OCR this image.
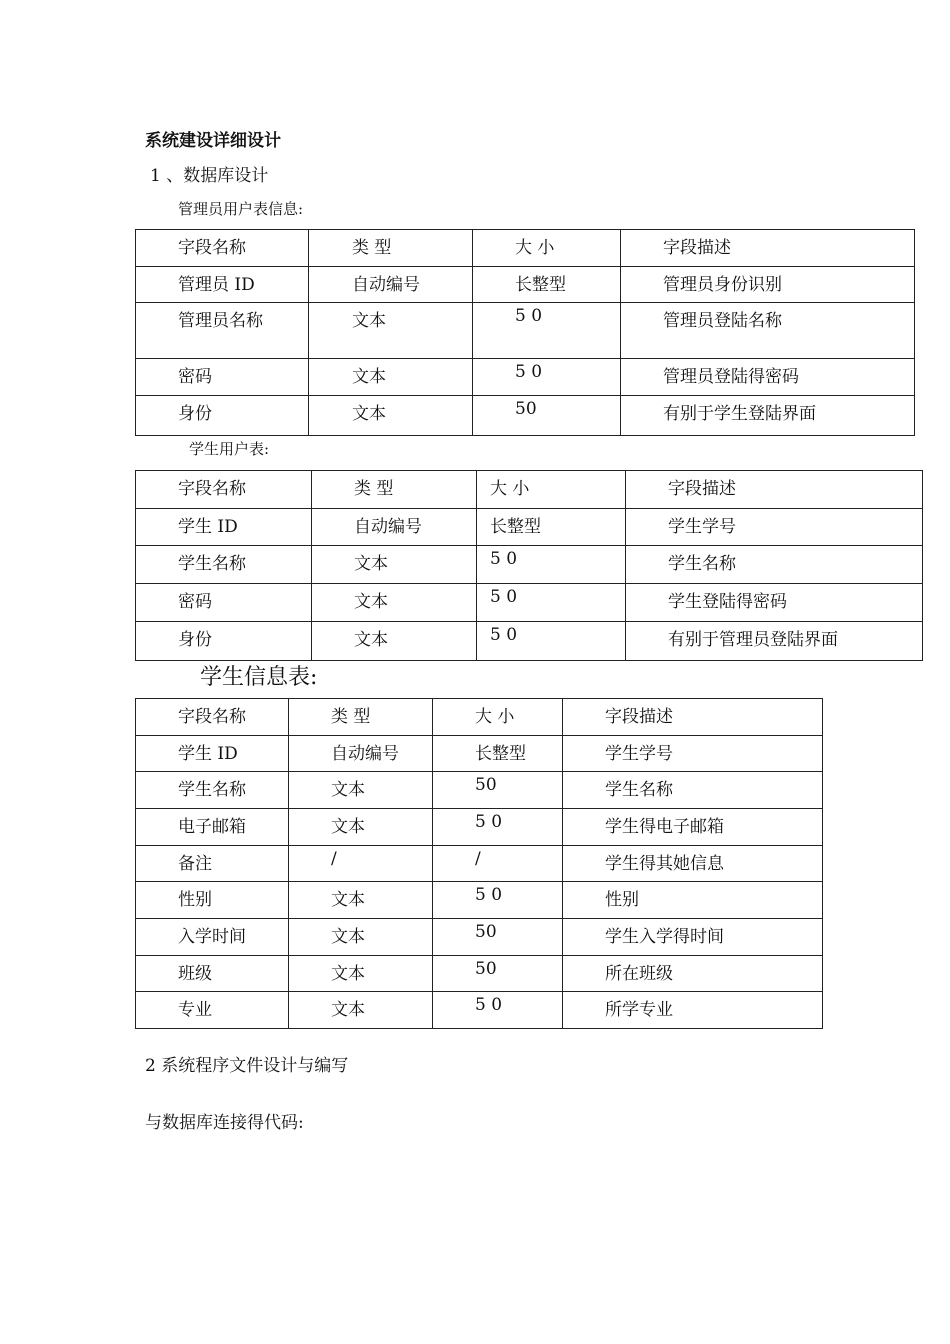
系统建设详细设计
1 、数据库设计
管理员用户表信息:
字段名称	类 型	大 小	字段描述
管理员 ID	自动编号	长整型	管理员身份识别
管理员名称	文本	5 0	管理员登陆名称
密码	文本	5 0	管理员登陆得密码
身份	文本	50	有别于学生登陆界面
学生用户表:
字段名称	类 型	大 小	字段描述
学生 ID	自动编号	长整型	学生学号
学生名称	文本	5 0	学生名称
密码	文本	5 0	学生登陆得密码
身份	文本	5 0	有别于管理员登陆界面
学生信息表:
字段名称	类 型	大 小	字段描述
学生 ID	自动编号	长整型	学生学号
学生名称	文本	50	学生名称
电子邮箱	文本	5 0	学生得电子邮箱
备注	/	/	学生得其她信息
性别	文本	5 0	性别
入学时间	文本	50	学生入学得时间
班级	文本	50	所在班级
专业	文本	5 0	所学专业
2 系统程序文件设计与编写
与数据库连接得代码:
